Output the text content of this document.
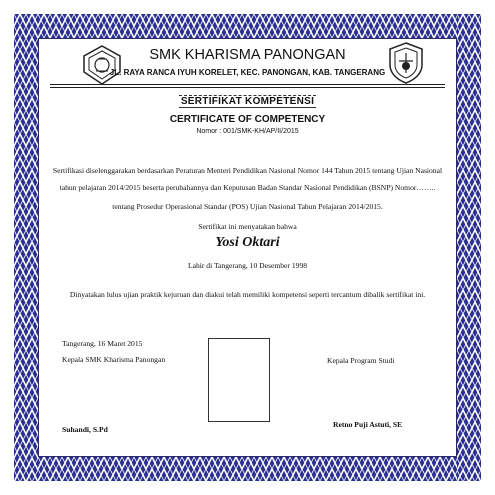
SMK KHARISMA PANONGAN
JL. RAYA RANCA IYUH KORELET, KEC. PANONGAN, KAB. TANGERANG
SERTIFIKAT KOMPETENSI
CERTIFICATE OF COMPETENCY
Nomor : 001/SMK-KH/AP/II/2015
Sertifikasi diselenggarakan berdasarkan Peraturan Menteri Pendidikan Nasional Nomor 144 Tahun 2015 tentang Ujian Nasional
tahun pelajaran 2014/2015 beserta perubahannya dan Keputusan Badan Standar Nasional Pendidikan (BSNP) Nomor……..
tentang Prosedur Operasional Standar (POS) Ujian Nasional Tahun Pelajaran 2014/2015.
Sertifikat ini menyatakan bahwa
Yosi Oktari
Lahir di Tangerang, 10 Desember 1998
Dinyatakan lulus ujian praktik kejuruan dan diakui telah memiliki kompetensi seperti tercantum dibalik sertifikat ini.
Tangerang, 16 Maret 2015
Kepala SMK Kharisma Panongan
Suhandi, S.Pd
Kepala Program Studi
Retno Puji Astuti, SE
